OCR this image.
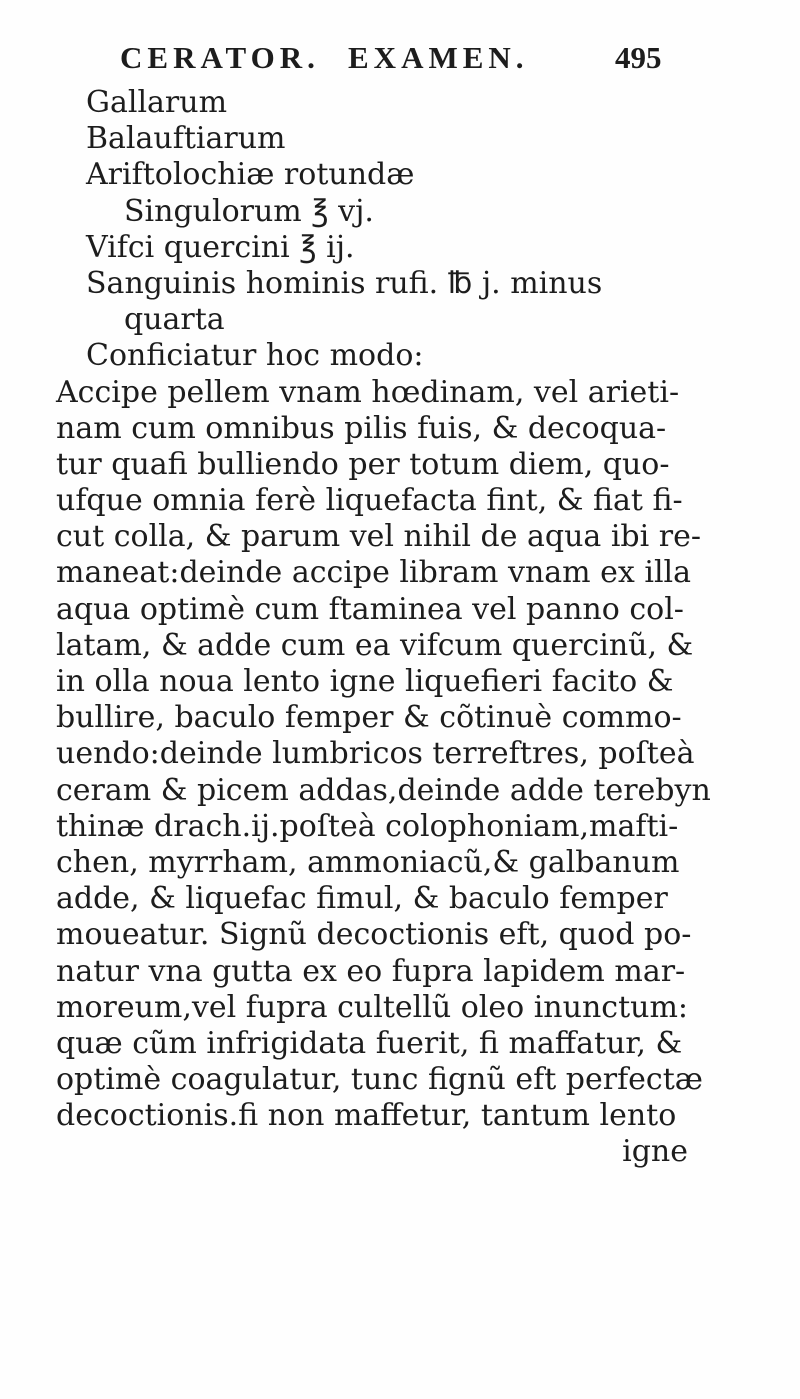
CERATOR. EXAMEN.	495
Gallarum
Balauftiarum
Ariftolochiæ rotundæ
Singulorum ℥ vj.
Vifci quercini ℥ ij.
Sanguinis hominis rufi. ℔ j. minus
quarta
Conficiatur hoc modo:
Accipe pellem vnam hœdinam, vel arieti-
nam cum omnibus pilis fuis, & decoqua-
tur quafi bulliendo per totum diem, quo-
ufque omnia ferè liquefacta fint, & fiat fi-
cut colla, & parum vel nihil de aqua ibi re-
maneat:deinde accipe libram vnam ex illa
aqua optimè cum ftaminea vel panno col-
latam, & adde cum ea vifcum quercinũ, &
in olla noua lento igne liquefieri facito &
bullire, baculo femper & cõtinuè commo-
uendo:deinde lumbricos terreftres, poſteà
ceram & picem addas,deinde adde terebyn
thinæ drach.ij.poſteà colophoniam,mafti-
chen, myrrham, ammoniacũ,& galbanum
adde, & liquefac fimul, & baculo femper
moueatur. Signũ decoctionis eft, quod po-
natur vna gutta ex eo fupra lapidem mar-
moreum,vel fupra cultellũ oleo inunctum:
quæ cũm infrigidata fuerit, fi maffatur, &
optimè coagulatur, tunc fignũ eft perfectæ
decoctionis.fi non maffetur, tantum lento
igne
